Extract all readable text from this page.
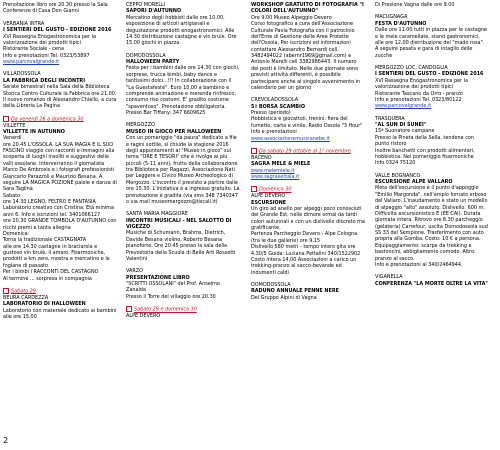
Prenotazione libro ore 20.30 presso la Sala Conferenze di Casa Don Gianni

VERBANIA INTRA

I SENTIERI DEL GUSTO - EDIZIONE 2016

XVI Rassegna Enogastronomica per la valorizzazione dei prodotti tipici

Ristorante Sociale - cena

Info e prenotazioni Tel. 0323/53897

www.parcovalgrande.it

VILLADOSSOLA

LA FABBRICA DEGLI INCONTRI

Serate bimestrali nella Sala della Biblioteca Storica Centro Culturale la Fabbrica ore 21.00.

Il nuovo romanzo di Alessandro Chiello, a cura della Libreria La Pagina

Da venerdì 26 a domenica 30

VILLETTE

VILLETTE IN AUTUNNO

Venerdì

ore 20.45 L'OSSOLA, LA SUA MAGIA E IL SUO FASCINO viaggio con racconti e immagini alla scoperta di luoghi insoliti e suggestivi delle valli ossolane. Interverranno il giornalista Marco De Ambrosis e i fotografi professionisti Giancarlo Parazzoli e Maurizio Besana. A seguire LA MAGICA POZIONE paiole e danza di Sara Taglina

Sabato

ore 14.30 LEGNO, FELTRO E FANTASIA

Laboratorio creativo con Cristina. Età minima anni 6. Info e iscrizioni tel. 3401066127

ore 20.30 GRANDE TOMBOLA D'AUTUNNO con ricchi premi e tanta allegria

Domenica:

Torna la tradizionale CASTAGNATA

alle ore 14.30 castagne in braciarola e gustoso vin brulè, il amaro. Fisarmoniche, prodotti a km zero, mostra e mercatino e le foglane di passato

Per i bimbi I RACCONTI DEL CASTAGNO

Al termine ... sorpresa in compagnia

Sabato 29

BEURA CARDEZZA

LABORATORIO DI HALLOWEEN

Laboratorio con materiale dedicato ai bambini alle ore 15.00

CEPPO MORELLI

SAPORI D'AUTUNNO

Mercatino degli hobbisti dalle ore 10.00, esposizione di articoli artigianali e degustazione prodotti enogastronomici. Alle 14.30 distribuzione castagne e vin brulè. Ore 15.00 giochi in piazza

DOMODOSSOLA

HALLOWEEN PARTY

Festa per i bambini dalle ore 14.30 con giochi, sorprese, trucca bimbi, baby dance e tantissimi dolci...!!! In collaborazione con il "La Guestafeste". Euro 10,00 a bambino e comprende animazione e merenda rinfresco, consumo riso costumi. E' gradito costume "spaventoso". Prenotazione obbligatoria. Presso Bar Tiffany: 347 6609625

MERGOZZO

MUSEO IN GIOCO PER HALLOWEEN

Con un pomeriggio "da paura" dedicato a file e ragini sottile, si chiude la stagione 2016 degli appuntamenti al "Museo in gioco" sul tema "ORE E TESORI" che è rivolge ai più piccoli (5-11 anni), frutto della collaborazione tra Biblioteca per Ragazzi, Associazione Nati per Leggere e Civico Museo Archeologico di Mergozzo. L'incontro il previsto a partire dalle ore 15.30. L'iniziativa è a ingresso gratuito. La prenotazione è gradita (via sms 348 7340347 o via mail museomergozzo@tiscali.it)

SANTA MARIA MAGGIORE

INCONTRI MUSICALI - NEL SALOTTO DI VIGEZZO

Musiche di Schumann, Brahms, Dietrich, Davide Besana violino, Roberto Besana pianoforte. Ore 20.45 presso la sala della Prevostoria della Scuola di Belle Arti Rossetti Valentini

VARZO

PRESENTAZIONE LIBRO

"SCRITTI OSSOLANI" del Prof. Anselmo Zanalda

Presso il Torre del villaggio ore 20.30

Sabato 29 e domenica 30

ALPE DEVERO

WORKSHOP GRATUITO DI FOTOGRAFIA "I COLORI DELL'AUTUNNO"

Ore 9.00 Museo Alpeggio Devero

Corso fotografico a cura dell'Associazione Culturale Pavia Fotografia con il patrocinio dell'Ente di Gestione delle Aree Protette dell'Ossola. Per iscrizioni ed informazioni contattare Alessandro Bernardi cell. 3482494022 (abernr1969@gmail.com) e Antonio Marelli cell 3382986443. Il numero dei posti è limitato. Nelle due giornate sono previsti attività differenti, è possibile partecipare anche al singolo avvenimento in calendario per un giorno

CREVOLADOSSOLA

5ª BORSA SCAMBIO

Presso (periodo)

Hobbistica e giocattoli, trenini, fiera del fumetto, carta e vinile. Radio Ossola "3 Hour"

Info e prenotazioni

www.associazionemusicanebe.it

Da sabato 29 ottobre al 1° novembre

BACENO

SAGRA MELE & MIELE

www.melemiele.it

www.sagrasettala.it

Domenica 30

ALPE DEVERO

ESCURSIONE

Un giro ad anello per alpeggi poco conosciuti del Grande Est, nelle dimore ormai da tardi colori autunnali e con un dislivello discreto ma gratificante.

Partenza Parcheggio Devero - Alpe Cologna (tra le due gallerie) ore 9,15

Dislivello 580 metri - tempo intero gita ore 4,30/5 Guida: Luciana Pettalini 340/1522902 Costo intera 14,00 Associazioni a carico un trekking-pranzo al sacco-bevande ed indumenti caldi

DOMODOSSOLA

RADUNO ANNUALE PENNE NERE

Del Gruppo Alpini di Vagna

Di Presione Vagna dalle ore 9.00

MACUGNAGA

FESTA D'AUTUNNO

Dalle ore 11.00 tutti in piazza per le castagne e le mele caramellate, stand gastronomici, alle ore 12.00 distribuzione del "mado rosa". A seguire pesata e gara di intaglio delle zucche

MERGOZZO LOC. CANDOGLIA

I SENTIERI DEL GUSTO - EDIZIONE 2016

XVI Rassegna Enogastronomica per la valorizzazione dei prodotti tipici

Ristorante Tascano da Orro - pranzo

Info e prenotazioni Tel. 0323/80122

www.parcovalgrande.it

TRASQUERA

"AL SUN DI SUNEI"

15ª Suonatore campane

Presso la Pineta della Sella, tendone con punto ristoro

Inoltre banchetti con prodotti alimentari, hobbistica. Nel pomeriggio fisarmoniche

Info 0324 75120

VALLE BOGNANCO

ESCURSIONE ALPE VALLARO

Meta dell'escursione è il punto d'appoggio "Emilio Margonda", nell'ampio fornato erboso del Vallaro. L'inaudamento è stato un modello di alpeggio "alto" assoluto. Dislivello: 600 m. Difficoltà escursionistico E (EE CAI). Durata giornata intera. Ritrovo ore 8.30 parcheggio (gelateria) Carrefour, uscita Domodossola sud SS 33 del Sempione. Trasferimento con auto propria alla Gomba. Costo: 10 € a persona.

Equipaggiamento: scarpe da trekking e bastoncini, abbigliamento comodo. Altro: pranzo al sacco.

Info e prenotazioni al 340/2464944.

VIGANELLA

CONFERENZA "LA MORTE OLTRE LA VITA"

2
